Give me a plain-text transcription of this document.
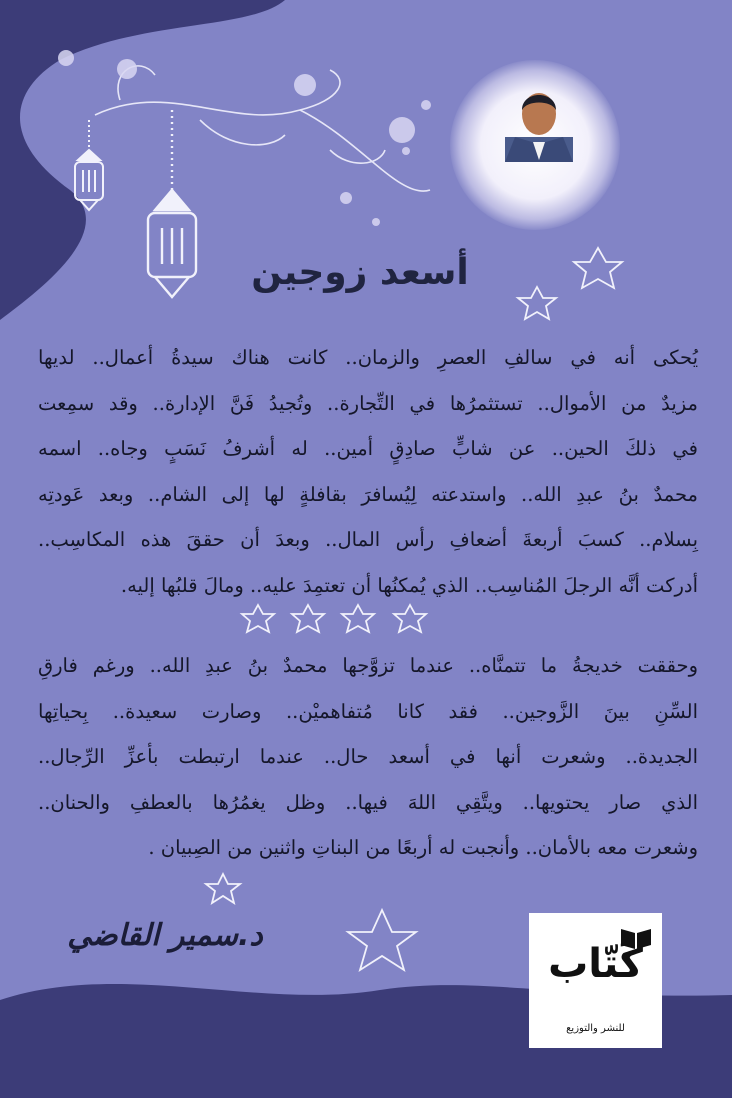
أسعد زوجين
يُحكى أنه في سالفِ العصرِ والزمان.. كانت هناك سيدةُ أعمال.. لديها
مزيدٌ من الأموال.. تستثمرُها في التِّجارة.. وتُجيدُ فَنَّ الإدارة.. وقد سمِعت
في ذلكَ الحين.. عن شابٍّ صادِقٍ أمين.. له أشرفُ نَسَبٍ وجاه.. اسمه
محمدٌ بنُ عبدِ الله.. واستدعته لِيُسافرَ بقافلةٍ لها إلى الشام.. وبعد عَودتِه
بِسلام.. كسبَ أربعةَ أضعافِ رأس المال.. وبعدَ أن حققَ هذه المكاسِب..
أدركت أنَّه الرجلَ المُناسِب.. الذي يُمكنُها أن تعتمِدَ عليه.. ومالَ قلبُها إليه.
وحققت خديجةُ ما تتمنَّاه.. عندما تزوَّجها محمدٌ بنُ عبدِ الله.. ورغم فارقِ
السِّنِ بينَ الزَّوجين.. فقد كانا مُتفاهميْن.. وصارت سعيدة.. بِحياتِها
الجديدة.. وشعرت أنها في أسعد حال.. عندما ارتبطت بأعزِّ الرِّجال..
الذي صار يحتويها.. ويتَّقِي اللهَ فيها.. وظل يغمُرُها بالعطفِ والحنان..
وشعرت معه بالأمان.. وأنجبت له أربعًا من البناتِ واثنين من الصِبيان .
د.سمير القاضي
كُتّاب
للنشر والتوزيع
